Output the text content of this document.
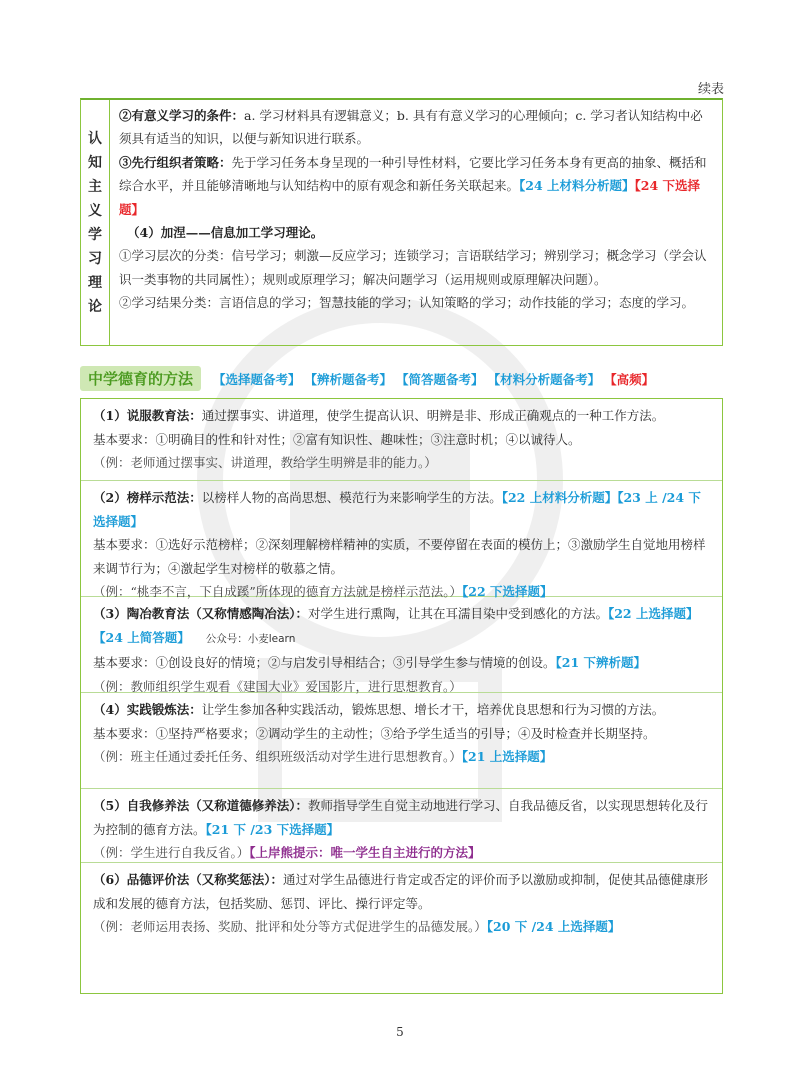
续表
认
知
主
义
学
习
理
论

②有意义学习的条件：a. 学习材料具有逻辑意义；b. 具有有意义学习的心理倾向；c. 学习者认知结构中必须具有适当的知识，以便与新知识进行联系。

③先行组织者策略：先于学习任务本身呈现的一种引导性材料，它要比学习任务本身有更高的抽象、概括和综合水平，并且能够清晰地与认知结构中的原有观念和新任务关联起来。【24 上材料分析题】【24 下选择题】

（4）加涅——信息加工学习理论。

①学习层次的分类：信号学习；刺激—反应学习；连锁学习；言语联结学习；辨别学习；概念学习（学会认识一类事物的共同属性）；规则或原理学习；解决问题学习（运用规则或原理解决问题）。

②学习结果分类：言语信息的学习；智慧技能的学习；认知策略的学习；动作技能的学习；态度的学习。

中学德育的方法	【选择题备考】 【辨析题备考】 【简答题备考】 【材料分析题备考】 【高频】

（1）说服教育法：通过摆事实、讲道理，使学生提高认识、明辨是非、形成正确观点的一种工作方法。

基本要求：①明确目的性和针对性；②富有知识性、趣味性；③注意时机；④以诚待人。

（例：老师通过摆事实、讲道理，教给学生明辨是非的能力。）

（2）榜样示范法：以榜样人物的高尚思想、模范行为来影响学生的方法。【22 上材料分析题】【23 上 /24 下选择题】

基本要求：①选好示范榜样；②深刻理解榜样精神的实质，不要停留在表面的模仿上；③激励学生自觉地用榜样来调节行为；④激起学生对榜样的敬慕之情。

（例：“桃李不言，下自成蹊”所体现的德育方法就是榜样示范法。）【22 下选择题】

（3）陶冶教育法（又称情感陶冶法）：对学生进行熏陶，让其在耳濡目染中受到感化的方法。【22 上选择题】【24 上简答题】 公众号：小麦learn

基本要求：①创设良好的情境；②与启发引导相结合；③引导学生参与情境的创设。【21 下辨析题】

（例：教师组织学生观看《建国大业》爱国影片，进行思想教育。）

（4）实践锻炼法：让学生参加各种实践活动，锻炼思想、增长才干，培养优良思想和行为习惯的方法。

基本要求：①坚持严格要求；②调动学生的主动性；③给予学生适当的引导；④及时检查并长期坚持。

（例：班主任通过委托任务、组织班级活动对学生进行思想教育。）【21 上选择题】

（5）自我修养法（又称道德修养法）：教师指导学生自觉主动地进行学习、自我品德反省，以实现思想转化及行为控制的德育方法。【21 下 /23 下选择题】

（例：学生进行自我反省。）【上岸熊提示：唯一学生自主进行的方法】

（6）品德评价法（又称奖惩法）：通过对学生品德进行肯定或否定的评价而予以激励或抑制，促使其品德健康形成和发展的德育方法，包括奖励、惩罚、评比、操行评定等。

（例：老师运用表扬、奖励、批评和处分等方式促进学生的品德发展。）【20 下 /24 上选择题】

5
